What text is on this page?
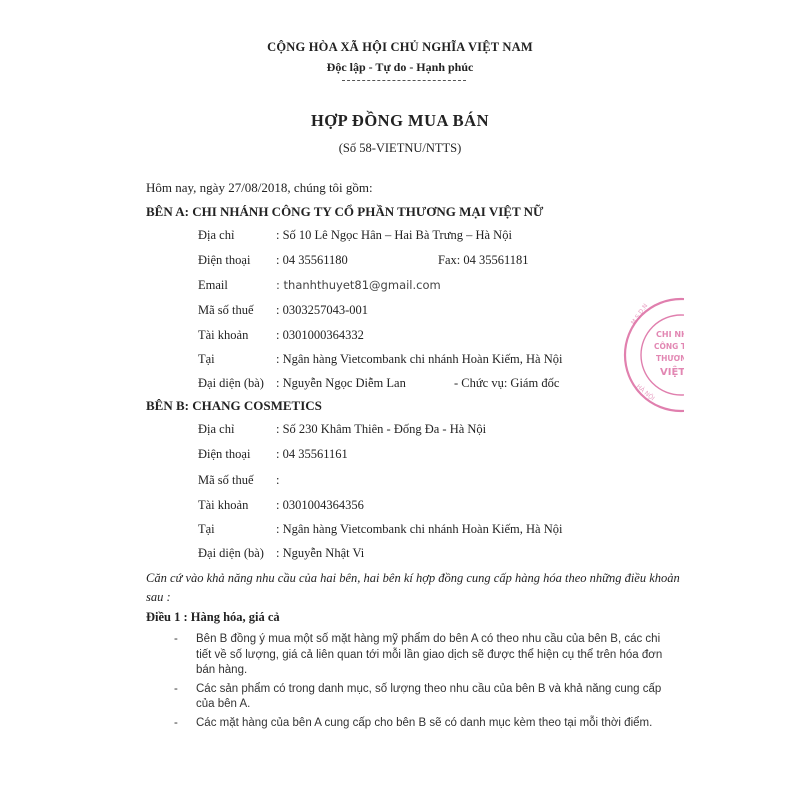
CỘNG HÒA XÃ HỘI CHỦ NGHĨA VIỆT NAM
Độc lập - Tự do - Hạnh phúc
HỢP ĐỒNG MUA BÁN
(Số 58-VIETNU/NTTS)
Hôm nay, ngày 27/08/2018, chúng tôi gồm:
BÊN A: CHI NHÁNH CÔNG TY CỔ PHẦN THƯƠNG MẠI VIỆT NỮ
Địa chỉ	: Số 10 Lê Ngọc Hân – Hai Bà Trưng – Hà Nội
Điện thoại : 04 35561180	Fax: 04 35561181
Email	: thanhthuyet81@gmail.com
Mã số thuế : 0303257043-001
Tài khoản : 0301000364332
Tại	: Ngân hàng Vietcombank chi nhánh Hoàn Kiếm, Hà Nội
Đại diện (bà) : Nguyễn Ngọc Diễm Lan	- Chức vụ: Giám đốc
BÊN B: CHANG COSMETICS
Địa chỉ	: Số 230 Khâm Thiên - Đống Đa - Hà Nội
Điện thoại : 04 35561161
Mã số thuế :
Tài khoản : 0301004364356
Tại	: Ngân hàng Vietcombank chi nhánh Hoàn Kiếm, Hà Nội
Đại diện (bà) : Nguyễn Nhật Vi
Căn cứ vào khả năng nhu cầu của hai bên, hai bên kí hợp đồng cung cấp hàng hóa theo những điều khoản sau :
Điều 1 : Hàng hóa, giá cả
- Bên B đồng ý mua một số mặt hàng mỹ phẩm do bên A có theo nhu cầu của bên B, các chi tiết về số lượng, giá cả liên quan tới mỗi lần giao dịch sẽ được thể hiện cụ thể trên hóa đơn bán hàng.
- Các sản phẩm có trong danh mục, số lượng theo nhu cầu của bên B và khả năng cung cấp của bên A.
- Các mặt hàng của bên A cung cấp cho bên B sẽ có danh mục kèm theo tại mỗi thời điểm.
CHI NHÁ
CÔNG TY C
THƯƠNG
VIỆT
M.S.D.N
HÀ NỘI
